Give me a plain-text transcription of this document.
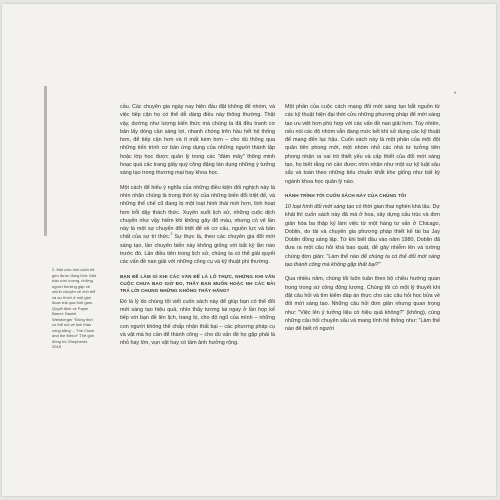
9
2. Một ước tính cách hệ gen được đồng tính: Một trận ước lượng, những người thường gặp về chính chuyện về chủ thể và sự thích ở một giai đoạn trải qua thời gian. Quyết định về Paper Barrel: Daniel Weinberger "Đồng thời có thể nói về tinh thần công bằng ... The Clock and the Mirror" Thế giới đồng hồ Ghepherds 2018

cầu. Các chuyên gia ngày nay hiện đầu đặt không để nhóm, và việc tiếp cận họ có thể dễ dàng điều này thông thường. Thật vậy, dường như lượng kiến thức mà chúng ta đã đều tranh cơ bản lấy dòng cần sáng lợi, nhanh chóng trên hầu hết hệ thống hơn, để tiếp cận hơn và ít mất kém hơn – cho dù thông qua những tiến trình cơ bản ứng dụng của những người thành lập hoặc lớp học được quản lý trong các "đám mây" thông minh hoạc quá các trang giấy quý công đặng tán dụng những ý tưởng sáng tạo trong thương mại hay khoa học.

Một cách để hiểu ý nghĩa của những điều kiện đối nghịch này là nhìn nhận chúng là trong thời kỳ của những biến đổi triệt để, và những thế chế cũ đang bị một loạt hình thái mới hơn, linh hoạt hơn trỗi dậy thách thức. Xuyên suốt lịch sử, những cuộc dịch chuyển như vậy hiếm khi không gây đổ máu, nhưng có vẻ lần này là một sự chuyển đổi triệt để về cơ cấu, nguồn lực và bản chất của sự tri thức.$^2$ Sự thực là, theo các chuyên gia đổi mới sáng tạo, lần chuyển biến này không giống với bất kỳ lần nào trước đó. Lần điều tiên trong lịch sử, chúng ta có thể giải quyết các vấn đề nan giải với những công cụ và kỹ thuật phi thường.

BẠN ĐỂ LÀM GÌ KHI CÁC VĂN ĐỂ LÀ LÔ THỰC, NHỮNG KHI VẤN CUỘC CHƯA BAO GIỜ ĐO, THẤY BẠN MUỐN HOẶC NH CÁC BÀI TRẢ LỜI CHUNG NHỮNG KHÔNG THẤY HẰNG?

Đó là lý do chúng tôi viết cuốn sách này để giúp bạn có thể đổi mới sáng tạo hiệu quả, nhìn thấy tương lai ngay ở lần họp kế tiếp với bạn đề lên lịch, trang bị, cho độ ngũ của mình – những con người không thể chấp nhận thất bại – các phương pháp cụ và vật mà họ cần để thành công – cho dù vấn đề họ gặp phải là nhỏ hay lớn, vụn vặt hay có tầm ảnh hưởng rộng.

Một phần của cuộc cách mạng đổi mới sáng tạo bắt nguồn từ các kỹ thuật hiện đại thời cửu những phương pháp để mới sáng tạo ưu việt hơn phù hợp với các vấn đề nan giải hơn. Tùy nhiên, nếu nói các độ nhóm vẫn đang mức kết khí sử dụng các kỹ thuật để mang đến lạc hậu. Cuốn sách này là một phần của một đội quân tiên phong mới, một nhóm nhỏ các nhà tư tưởng tiên phong nhận ra vai trò thiết yếu và cấp thiết của đổi mới sáng tạo, họ biết rằng nó cần được nhìn nhận như một sự kỹ luật sâu sắc và toàn theo những tiêu chuẩn khắt khe giống như bất kỳ ngành khoa học quản lý nào.

HÀNH TRÌNH TỚI CUỐN SÁCH NÀY CỦA CHÚNG TÔI

10 loại hình đổi mới sáng tạo có thời gian thai nghén khá lâu. Dự khải thì cuốn sách này đã mà ở hoa, xây dựng cấu trúc và đơn giản hóa ba thập kỷ làm việc từ một hàng tư vấn ở Chicago, Doblin, do tài và chuyên gia phương pháp thiết kế tài ba Jay Doblin đồng sáng lập. Từ khi biết đầu vào năm 1980, Doblin đã đưa ra một câu hỏi khá bao quát, để gây nhiễm lên và tường chúng đơn giản: "Làm thể nào để chúng ta có thể đổi mới sáng tạo thành công mà không gặp thất bại?"

Qua nhiều năm, chúng tôi luôn tuân theo bộ chiều hướng quan trọng trong sứ công động lượng. Chúng tôi có một lý thuyết khi đặt câu hỏi và tìm kiếm đáp án thực cho các câu hỏi học bửa về đổi mới sáng tạo. Những câu hỏi đơn giản nhưng quan trọng như: "Việc lên ý tưởng liệu có hiệu quả không?" (không), cùng những câu hỏi chuyên sâu và mang tính hệ thống như: "Làm thế nào để biết rõ người
